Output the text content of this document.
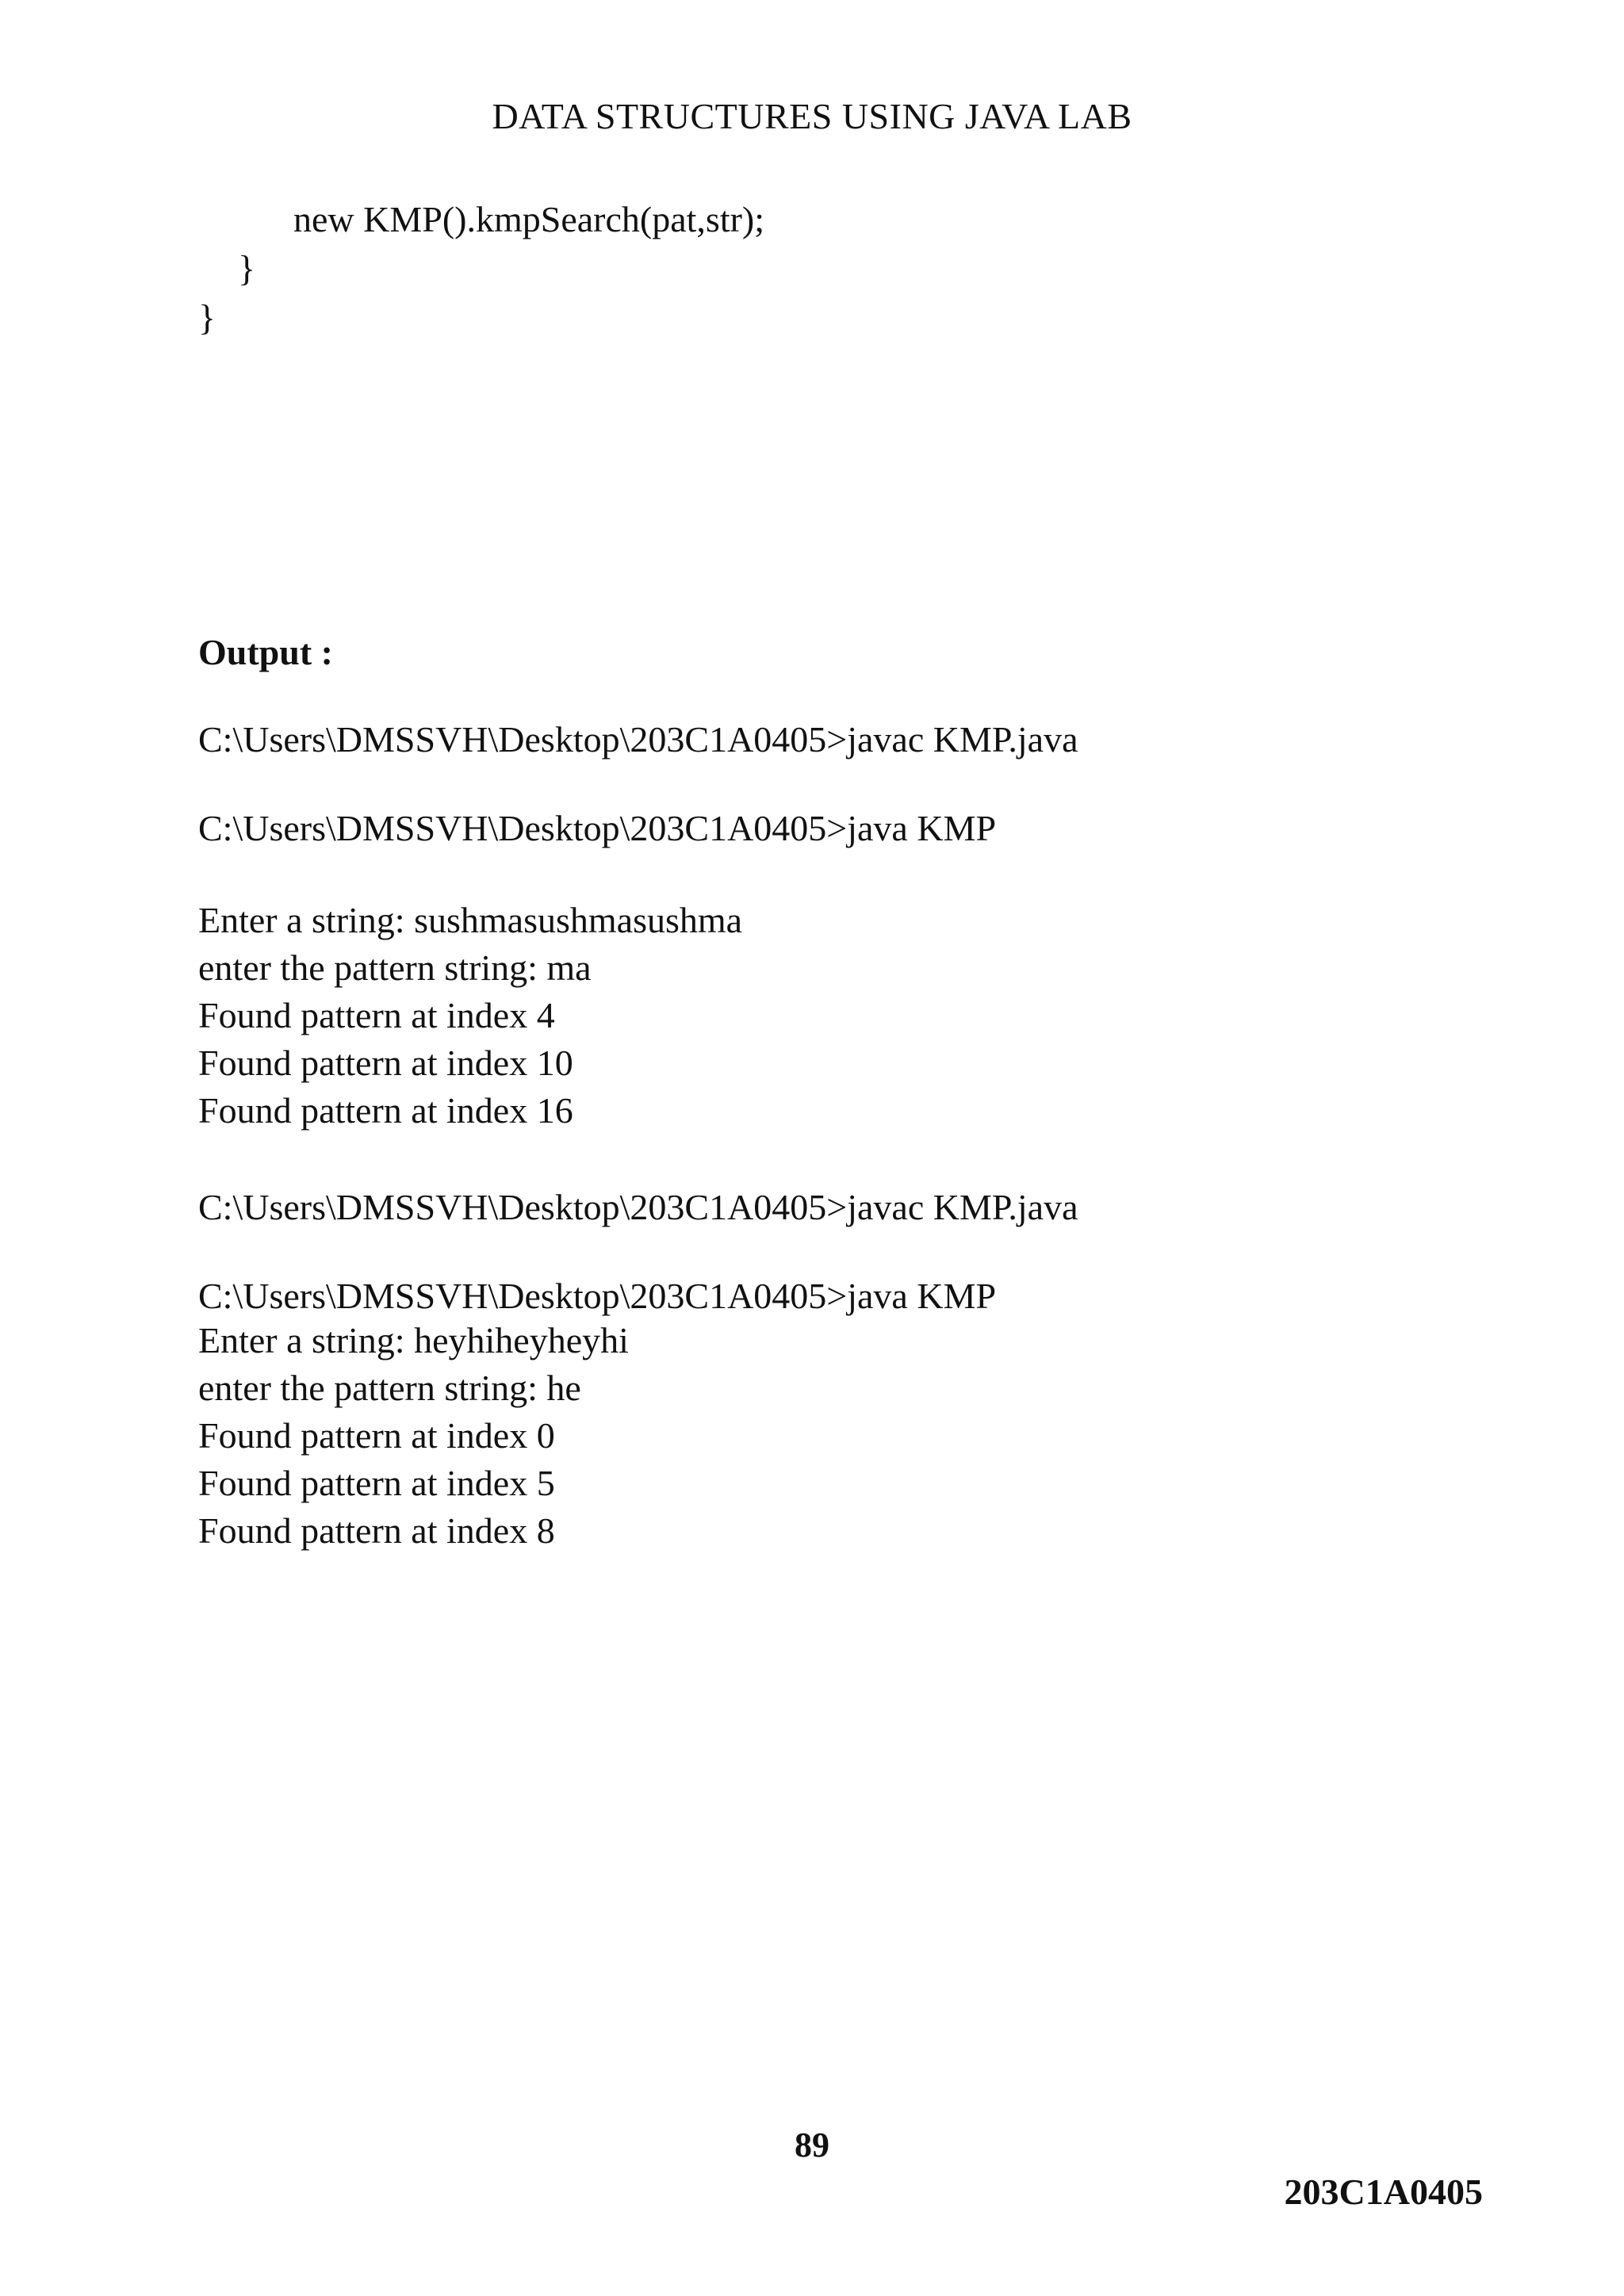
DATA STRUCTURES USING JAVA LAB
new KMP().kmpSearch(pat,str);
}
}
Output :
C:\Users\DMSSVH\Desktop\203C1A0405>javac KMP.java
C:\Users\DMSSVH\Desktop\203C1A0405>java KMP
Enter a string: sushmasushmasushma
enter the pattern string: ma
Found pattern at index 4
Found pattern at index 10
Found pattern at index 16
C:\Users\DMSSVH\Desktop\203C1A0405>javac KMP.java
C:\Users\DMSSVH\Desktop\203C1A0405>java KMP
Enter a string: heyhiheyheyhi
enter the pattern string: he
Found pattern at index 0
Found pattern at index 5
Found pattern at index 8
89
203C1A0405
